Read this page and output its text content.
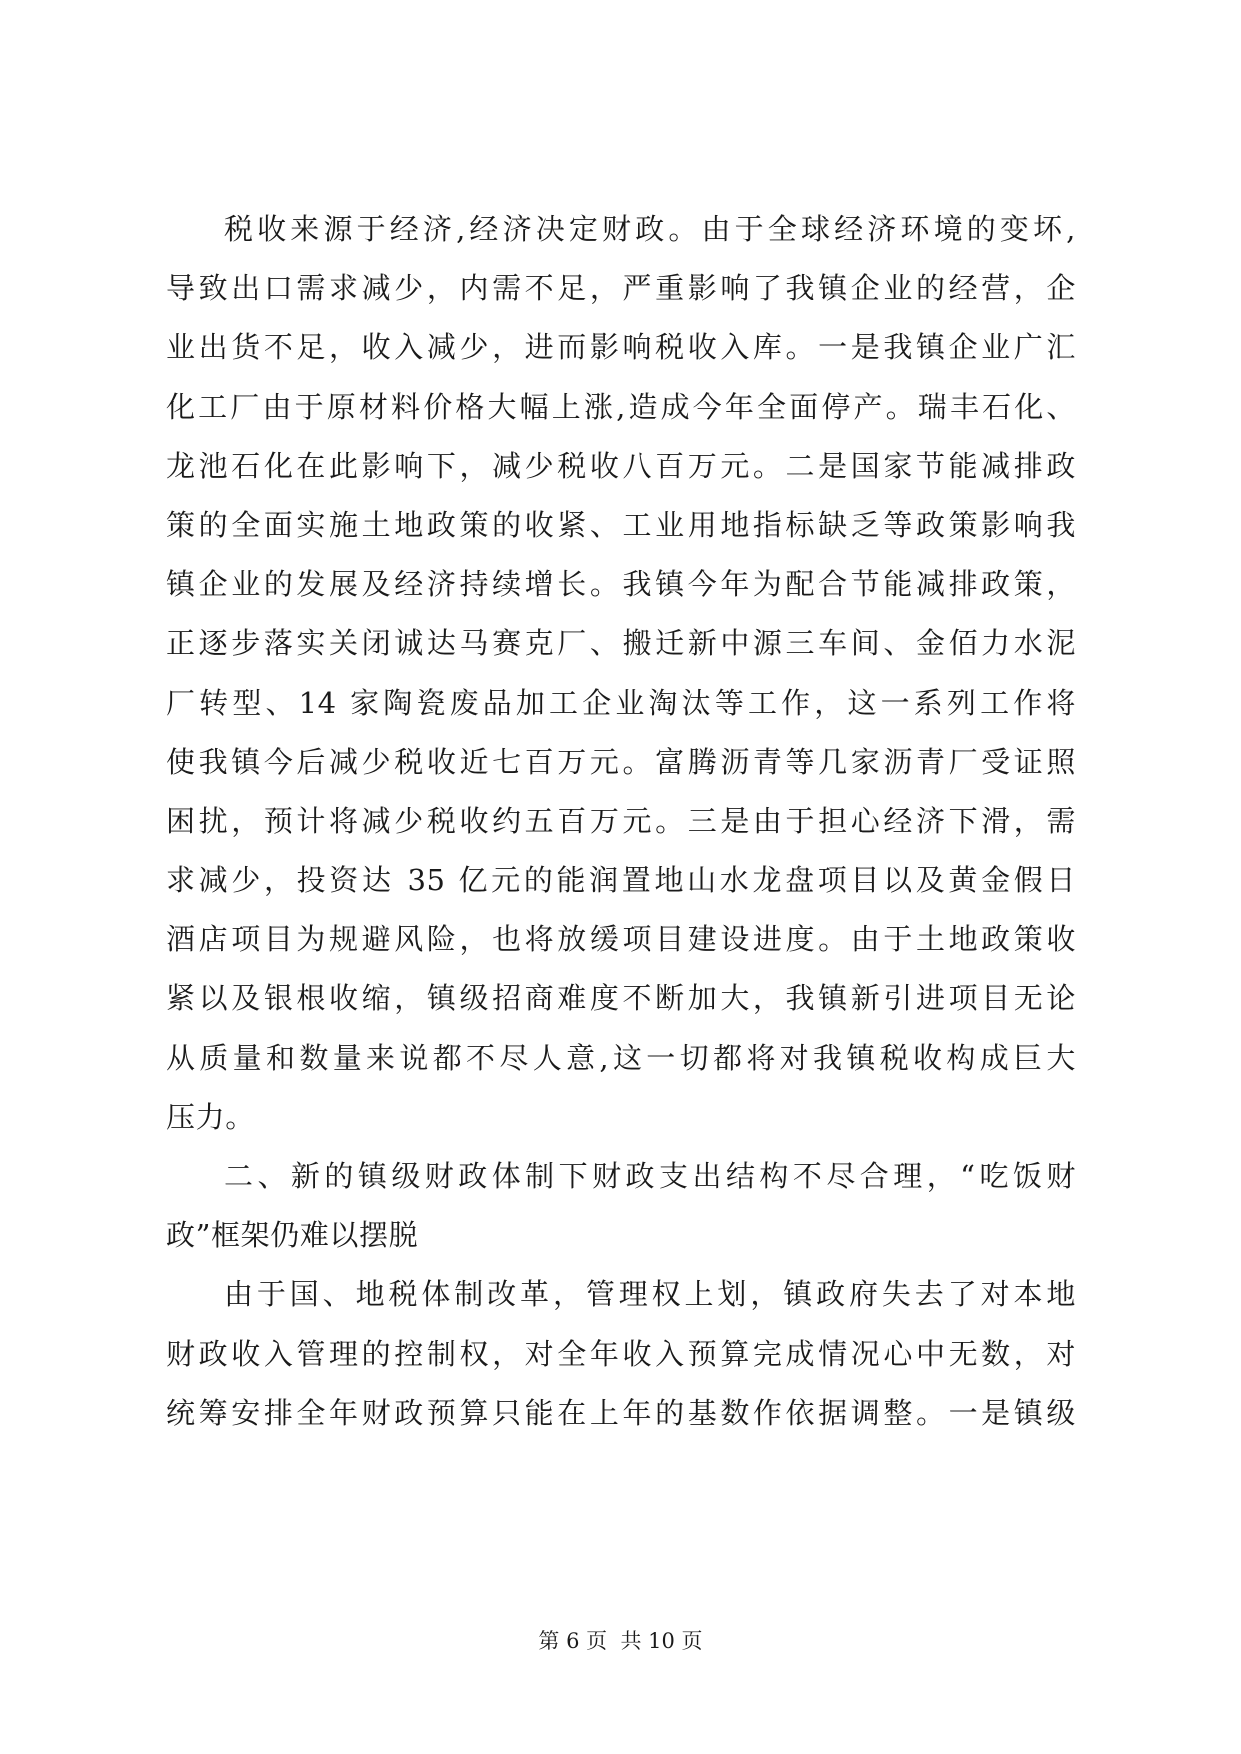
税收来源于经济,经济决定财政。由于全球经济环境的变坏,
导致出口需求减少，内需不足，严重影响了我镇企业的经营，企
业出货不足，收入减少，进而影响税收入库。一是我镇企业广汇
化工厂由于原材料价格大幅上涨,造成今年全面停产。瑞丰石化、
龙池石化在此影响下，减少税收八百万元。二是国家节能减排政
策的全面实施土地政策的收紧、工业用地指标缺乏等政策影响我
镇企业的发展及经济持续增长。我镇今年为配合节能减排政策，
正逐步落实关闭诚达马赛克厂、搬迁新中源三车间、金佰力水泥
厂转型、14 家陶瓷废品加工企业淘汰等工作，这一系列工作将
使我镇今后减少税收近七百万元。富腾沥青等几家沥青厂受证照
困扰，预计将减少税收约五百万元。三是由于担心经济下滑，需
求减少，投资达 35 亿元的能润置地山水龙盘项目以及黄金假日
酒店项目为规避风险，也将放缓项目建设进度。由于土地政策收
紧以及银根收缩，镇级招商难度不断加大，我镇新引进项目无论
从质量和数量来说都不尽人意,这一切都将对我镇税收构成巨大
压力。
二、新的镇级财政体制下财政支出结构不尽合理，“吃饭财
政”框架仍难以摆脱
由于国、地税体制改革，管理权上划，镇政府失去了对本地
财政收入管理的控制权，对全年收入预算完成情况心中无数，对
统筹安排全年财政预算只能在上年的基数作依据调整。一是镇级
第 6 页  共 10 页
